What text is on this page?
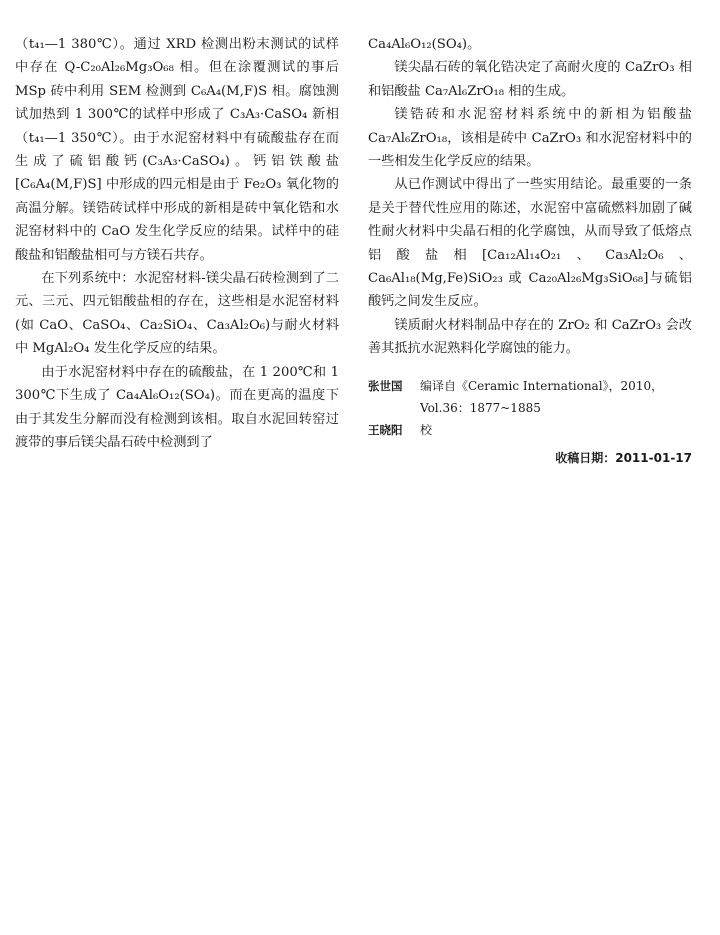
（t₄₁—1 380℃）。通过 XRD 检测出粉末测试的试样中存在 Q-C₂₀Al₂₆Mg₃O₆₈ 相。但在涂覆测试的事后 MSp 砖中利用 SEM 检测到 C₆A₄(M,F)S 相。腐蚀测试加热到 1 300℃的试样中形成了 C₃A₃·CaSO₄ 新相（t₄₁—1 350℃）。由于水泥窑材料中有硫酸盐存在而生成了硫铝酸钙(C₃A₃·CaSO₄)。钙铝铁酸盐 [C₆A₄(M,F)S] 中形成的四元相是由于 Fe₂O₃ 氧化物的高温分解。镁锆砖试样中形成的新相是砖中氧化锆和水泥窑材料中的 CaO 发生化学反应的结果。试样中的硅酸盐和铝酸盐相可与方镁石共存。

在下列系统中：水泥窑材料-镁尖晶石砖检测到了二元、三元、四元铝酸盐相的存在，这些相是水泥窑材料(如 CaO、CaSO₄、Ca₂SiO₄、Ca₃Al₂O₆)与耐火材料中 MgAl₂O₄ 发生化学反应的结果。

由于水泥窑材料中存在的硫酸盐，在 1 200℃和 1 300℃下生成了 Ca₄Al₆O₁₂(SO₄)。而在更高的温度下由于其发生分解而没有检测到该相。取自水泥回转窑过渡带的事后镁尖晶石砖中检测到了

Ca₄Al₆O₁₂(SO₄)。

镁尖晶石砖的氧化锆决定了高耐火度的 CaZrO₃ 相和铝酸盐 Ca₇Al₆ZrO₁₈ 相的生成。

镁锆砖和水泥窑材料系统中的新相为铝酸盐 Ca₇Al₆ZrO₁₈，该相是砖中 CaZrO₃ 和水泥窑材料中的一些相发生化学反应的结果。

从已作测试中得出了一些实用结论。最重要的一条是关于替代性应用的陈述，水泥窑中富硫燃料加剧了碱性耐火材料中尖晶石相的化学腐蚀，从而导致了低熔点铝酸盐相[Ca₁₂Al₁₄O₂₁、Ca₃Al₂O₆、Ca₆Al₁₈(Mg,Fe)SiO₂₃ 或 Ca₂₀Al₂₆Mg₃SiO₆₈]与硫铝酸钙之间发生反应。

镁质耐火材料制品中存在的 ZrO₂ 和 CaZrO₃ 会改善其抵抗水泥熟料化学腐蚀的能力。

张世国	编译自《Ceramic International》，2010，
Vol.36：1877~1885
王晓阳	校
收稿日期：2011-01-17
